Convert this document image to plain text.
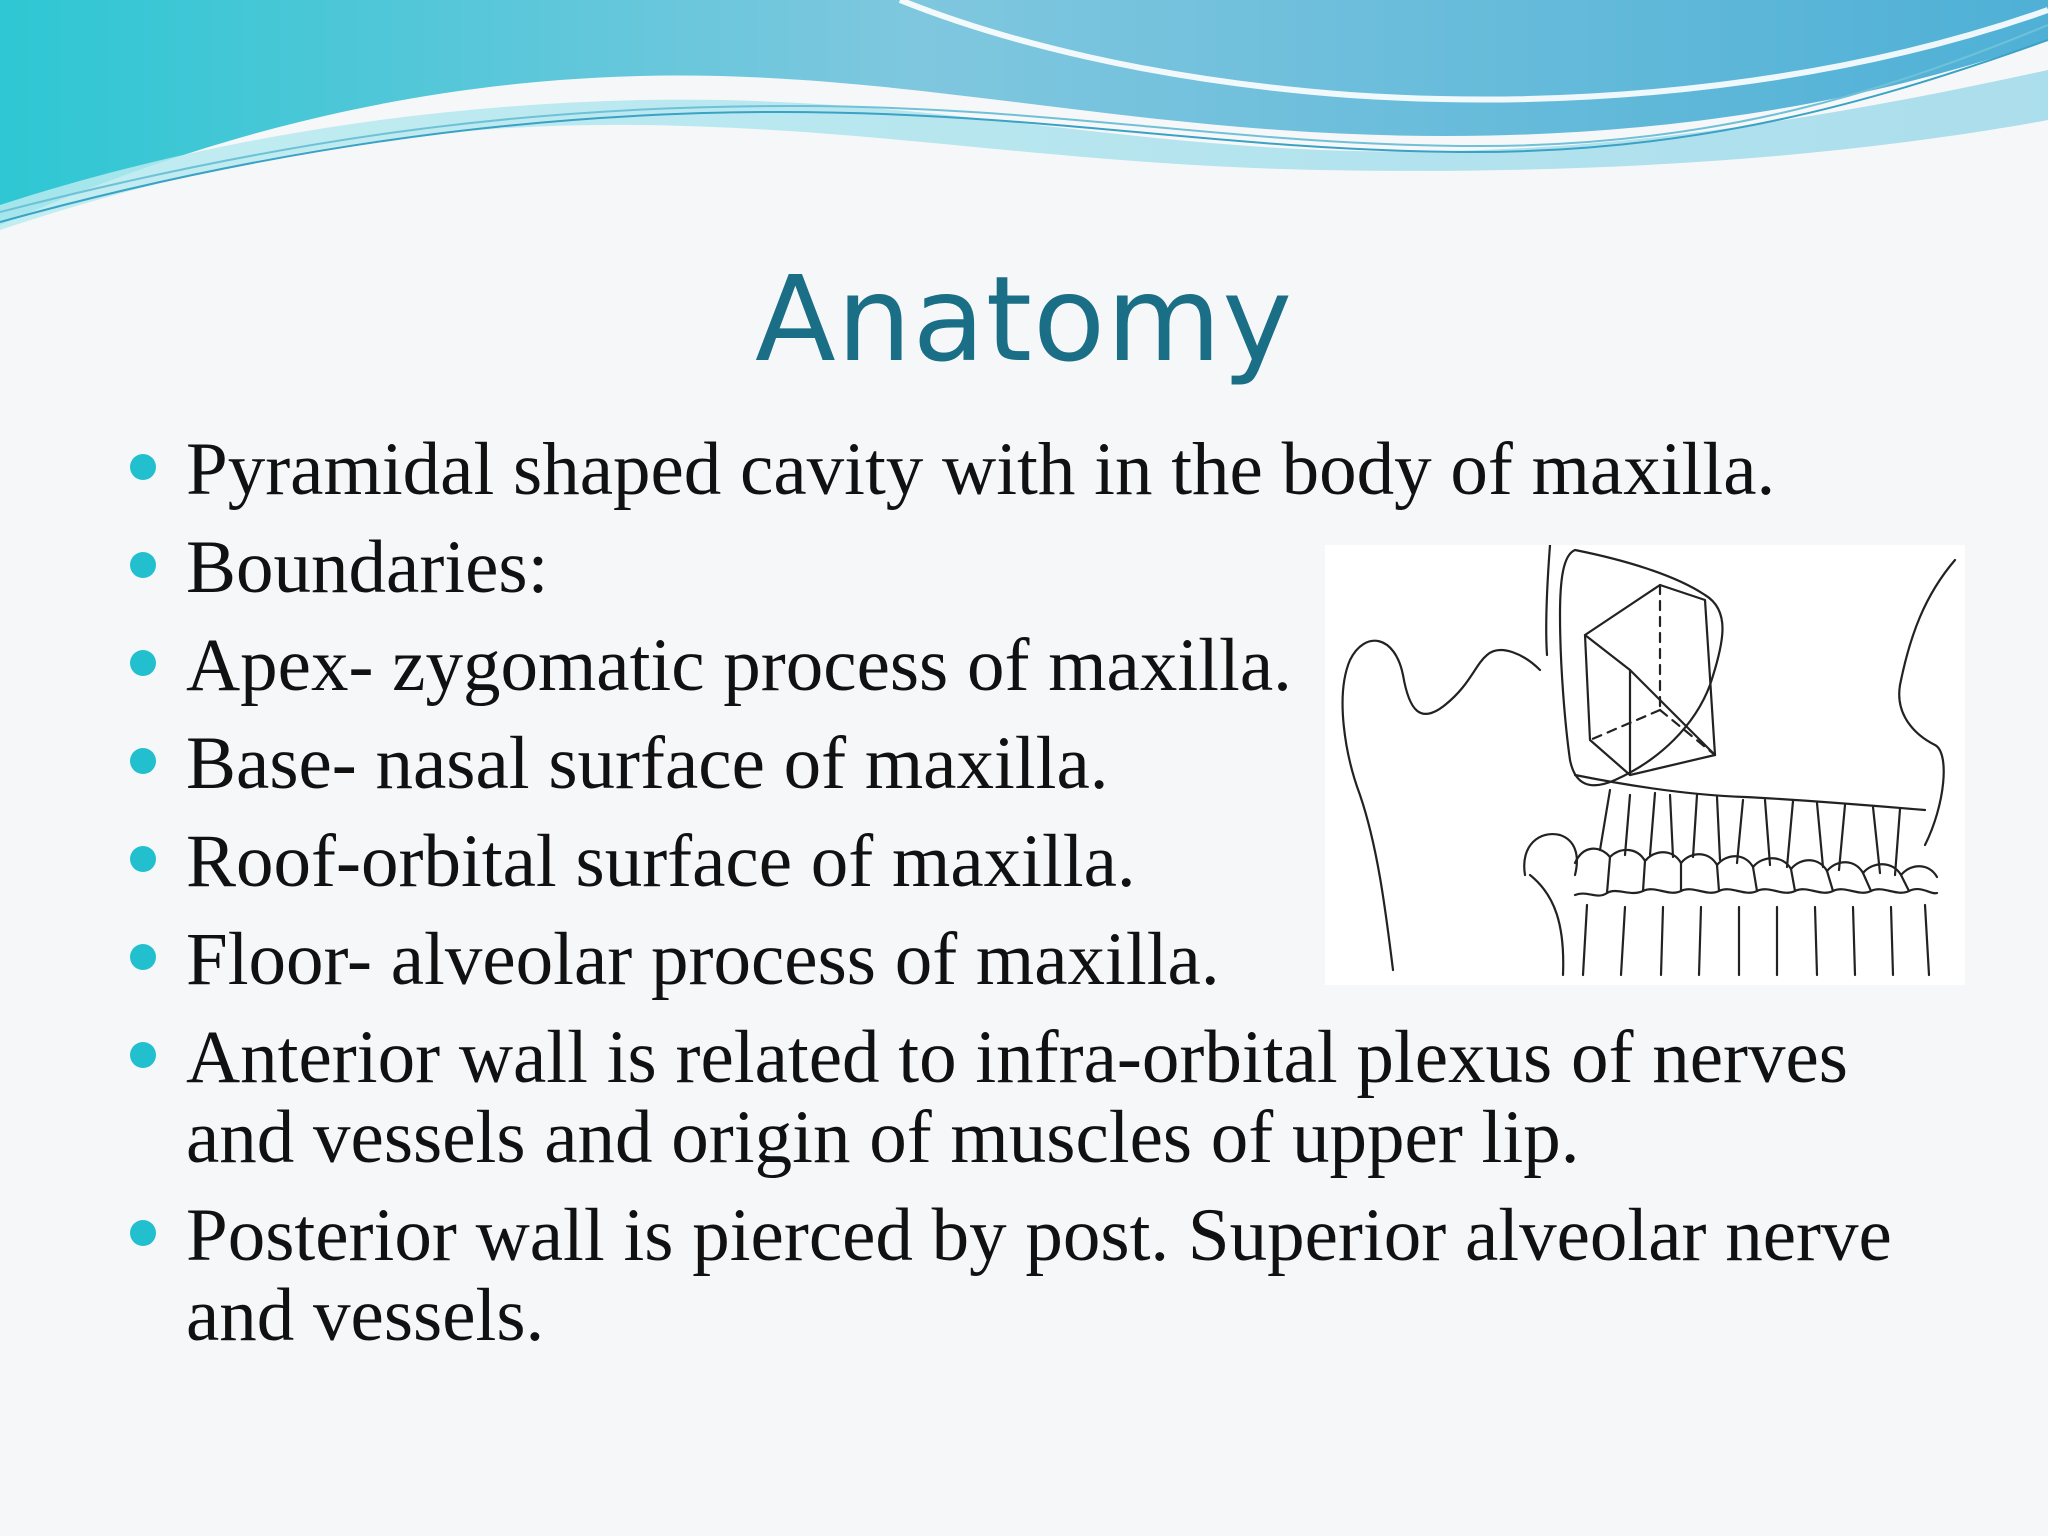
Anatomy
Pyramidal shaped cavity with in the body of maxilla.
Boundaries:
Apex- zygomatic process of maxilla.
Base- nasal surface of maxilla.
Roof-orbital surface of maxilla.
Floor- alveolar process of maxilla.
Anterior wall is related to infra-orbital plexus of nerves and vessels and origin of muscles of upper lip.
Posterior wall is pierced by post. Superior alveolar nerve and vessels.
